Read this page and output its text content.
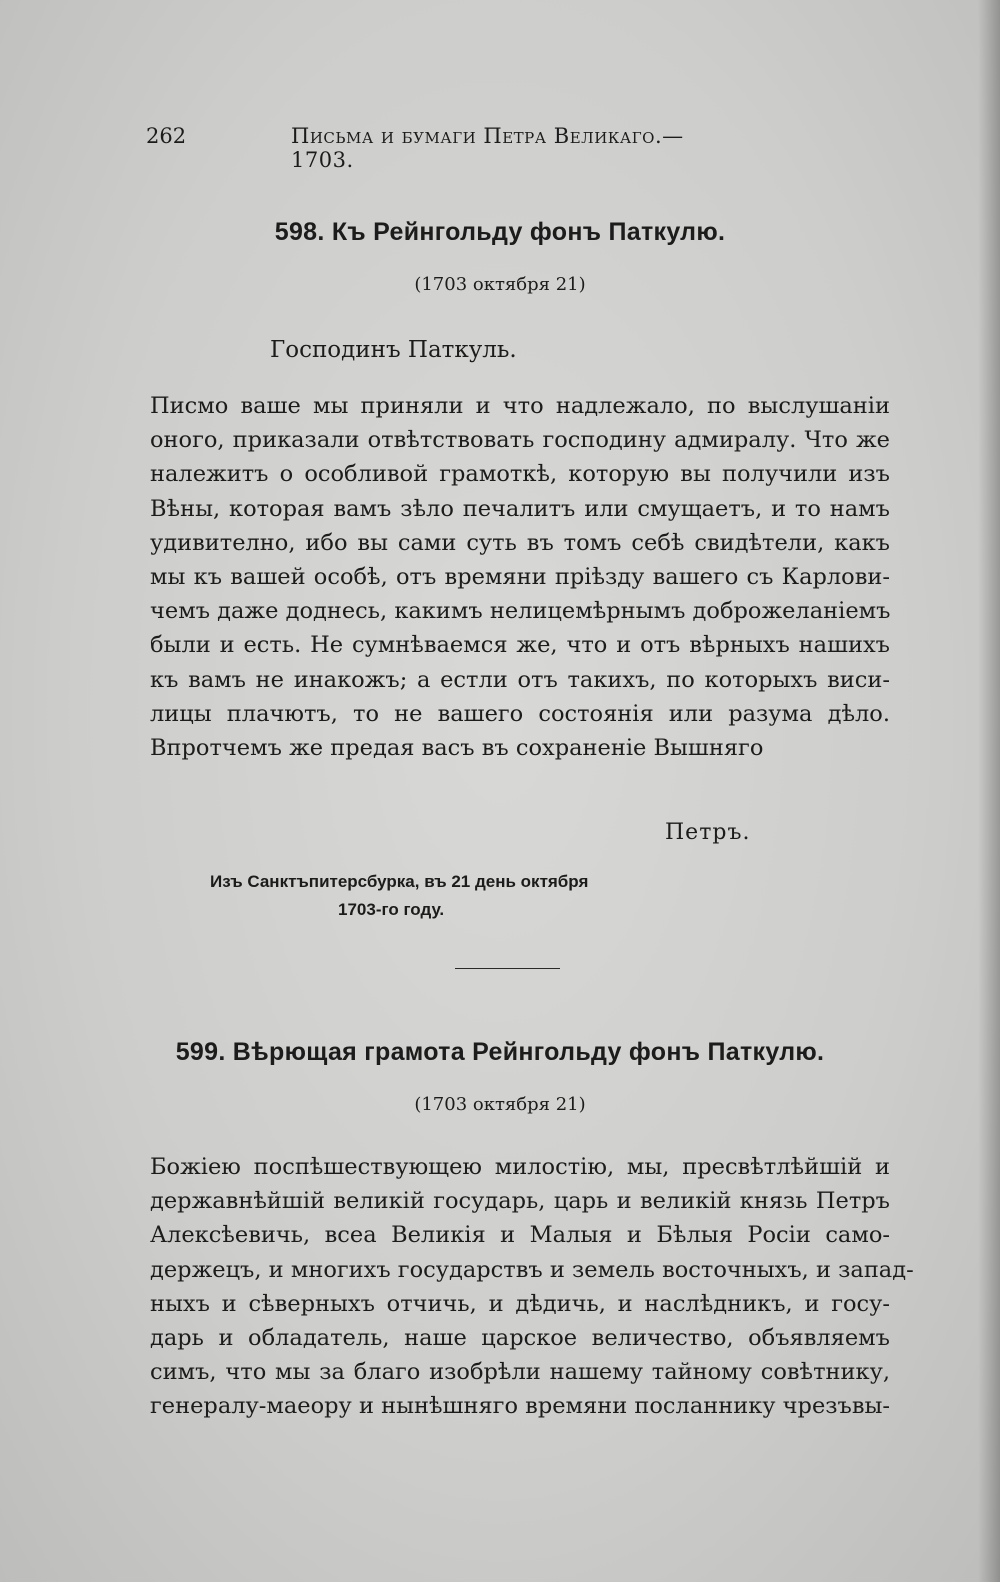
262	Письма и бумаги Петра Великаго.—1703.
598. Къ Рейнгольду фонъ Паткулю.
(1703 октября 21)
Господинъ Паткуль.
Писмо ваше мы приняли и что надлежало, по выслушанiи
оного, приказали отвѣтствовать господину адмиралу. Что же
належитъ о особливой грамоткѣ, которую вы получили изъ
Вѣны, которая вамъ зѣло печалитъ или смущаетъ, и то намъ
удивително, ибо вы сами суть въ томъ себѣ свидѣтели, какъ
мы къ вашей особѣ, отъ времяни прiѣзду вашего съ Карлови-
чемъ даже доднесь, какимъ нелицемѣрнымъ доброжеланiемъ
были и есть. Не сумнѣваемся же, что и отъ вѣрныхъ нашихъ
къ вамъ не инакожъ; а естли отъ такихъ, по которыхъ виси-
лицы плачютъ, то не вашего состоянiя или разума дѣло.
Впротчемъ же предая васъ въ сохраненiе Вышняго
Петръ.
Изъ Санктъпитерсбурка, въ 21 день октября
1703-го году.
599. Вѣрющая грамота Рейнгольду фонъ Паткулю.
(1703 октября 21)
Божiею поспѣшествующею милостiю, мы, пресвѣтлѣйшiй и
державнѣйшiй великiй государь, царь и великiй князь Петръ
Алексѣевичь, всеа Великiя и Малыя и Бѣлыя Росiи само-
держецъ, и многихъ государствъ и земель восточныхъ, и запад-
ныхъ и сѣверныхъ отчичь, и дѣдичь, и наслѣдникъ, и госу-
дарь и обладатель, наше царское величество, объявляемъ
симъ, что мы за благо изобрѣли нашему тайному совѣтнику,
генералу-маеору и нынѣшняго времяни посланнику чрезъвы-
